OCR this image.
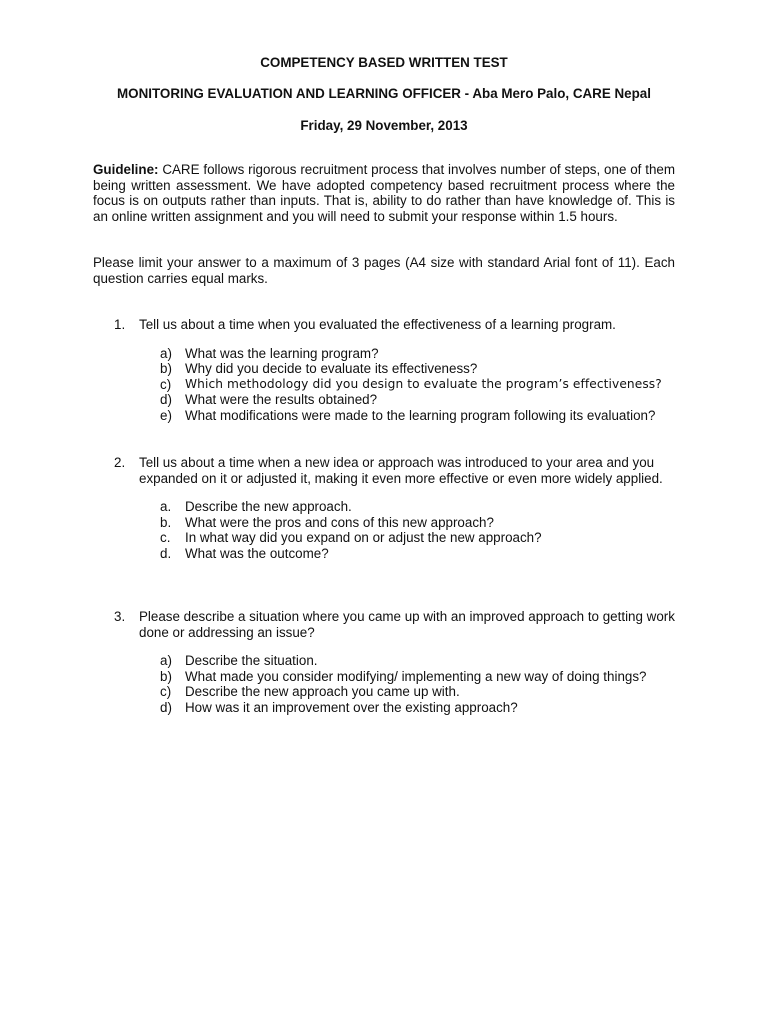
COMPETENCY BASED WRITTEN TEST
MONITORING EVALUATION AND LEARNING OFFICER - Aba Mero Palo, CARE Nepal
Friday, 29 November, 2013
Guideline: CARE follows rigorous recruitment process that involves number of steps, one of them being written assessment. We have adopted competency based recruitment process where the focus is on outputs rather than inputs. That is, ability to do rather than have knowledge of. This is an online written assignment and you will need to submit your response within 1.5 hours.
Please limit your answer to a maximum of 3 pages (A4 size with standard Arial font of 11). Each question carries equal marks.
1.	Tell us about a time when you evaluated the effectiveness of a learning program.
a) What was the learning program?
b) Why did you decide to evaluate its effectiveness?
c)	Which methodology did you design to evaluate the program’s effectiveness?
d) What were the results obtained?
e) What modifications were made to the learning program following its evaluation?
2.	Tell us about a time when a new idea or approach was introduced to your area and you expanded on it or adjusted it, making it even more effective or even more widely applied.
a.	Describe the new approach.
b.	What were the pros and cons of this new approach?
c.	In what way did you expand on or adjust the new approach?
d.	What was the outcome?
3.	Please describe a situation where you came up with an improved approach to getting work done or addressing an issue?
a) Describe the situation.
b) What made you consider modifying/ implementing a new way of doing things?
c)	Describe the new approach you came up with.
d) How was it an improvement over the existing approach?
